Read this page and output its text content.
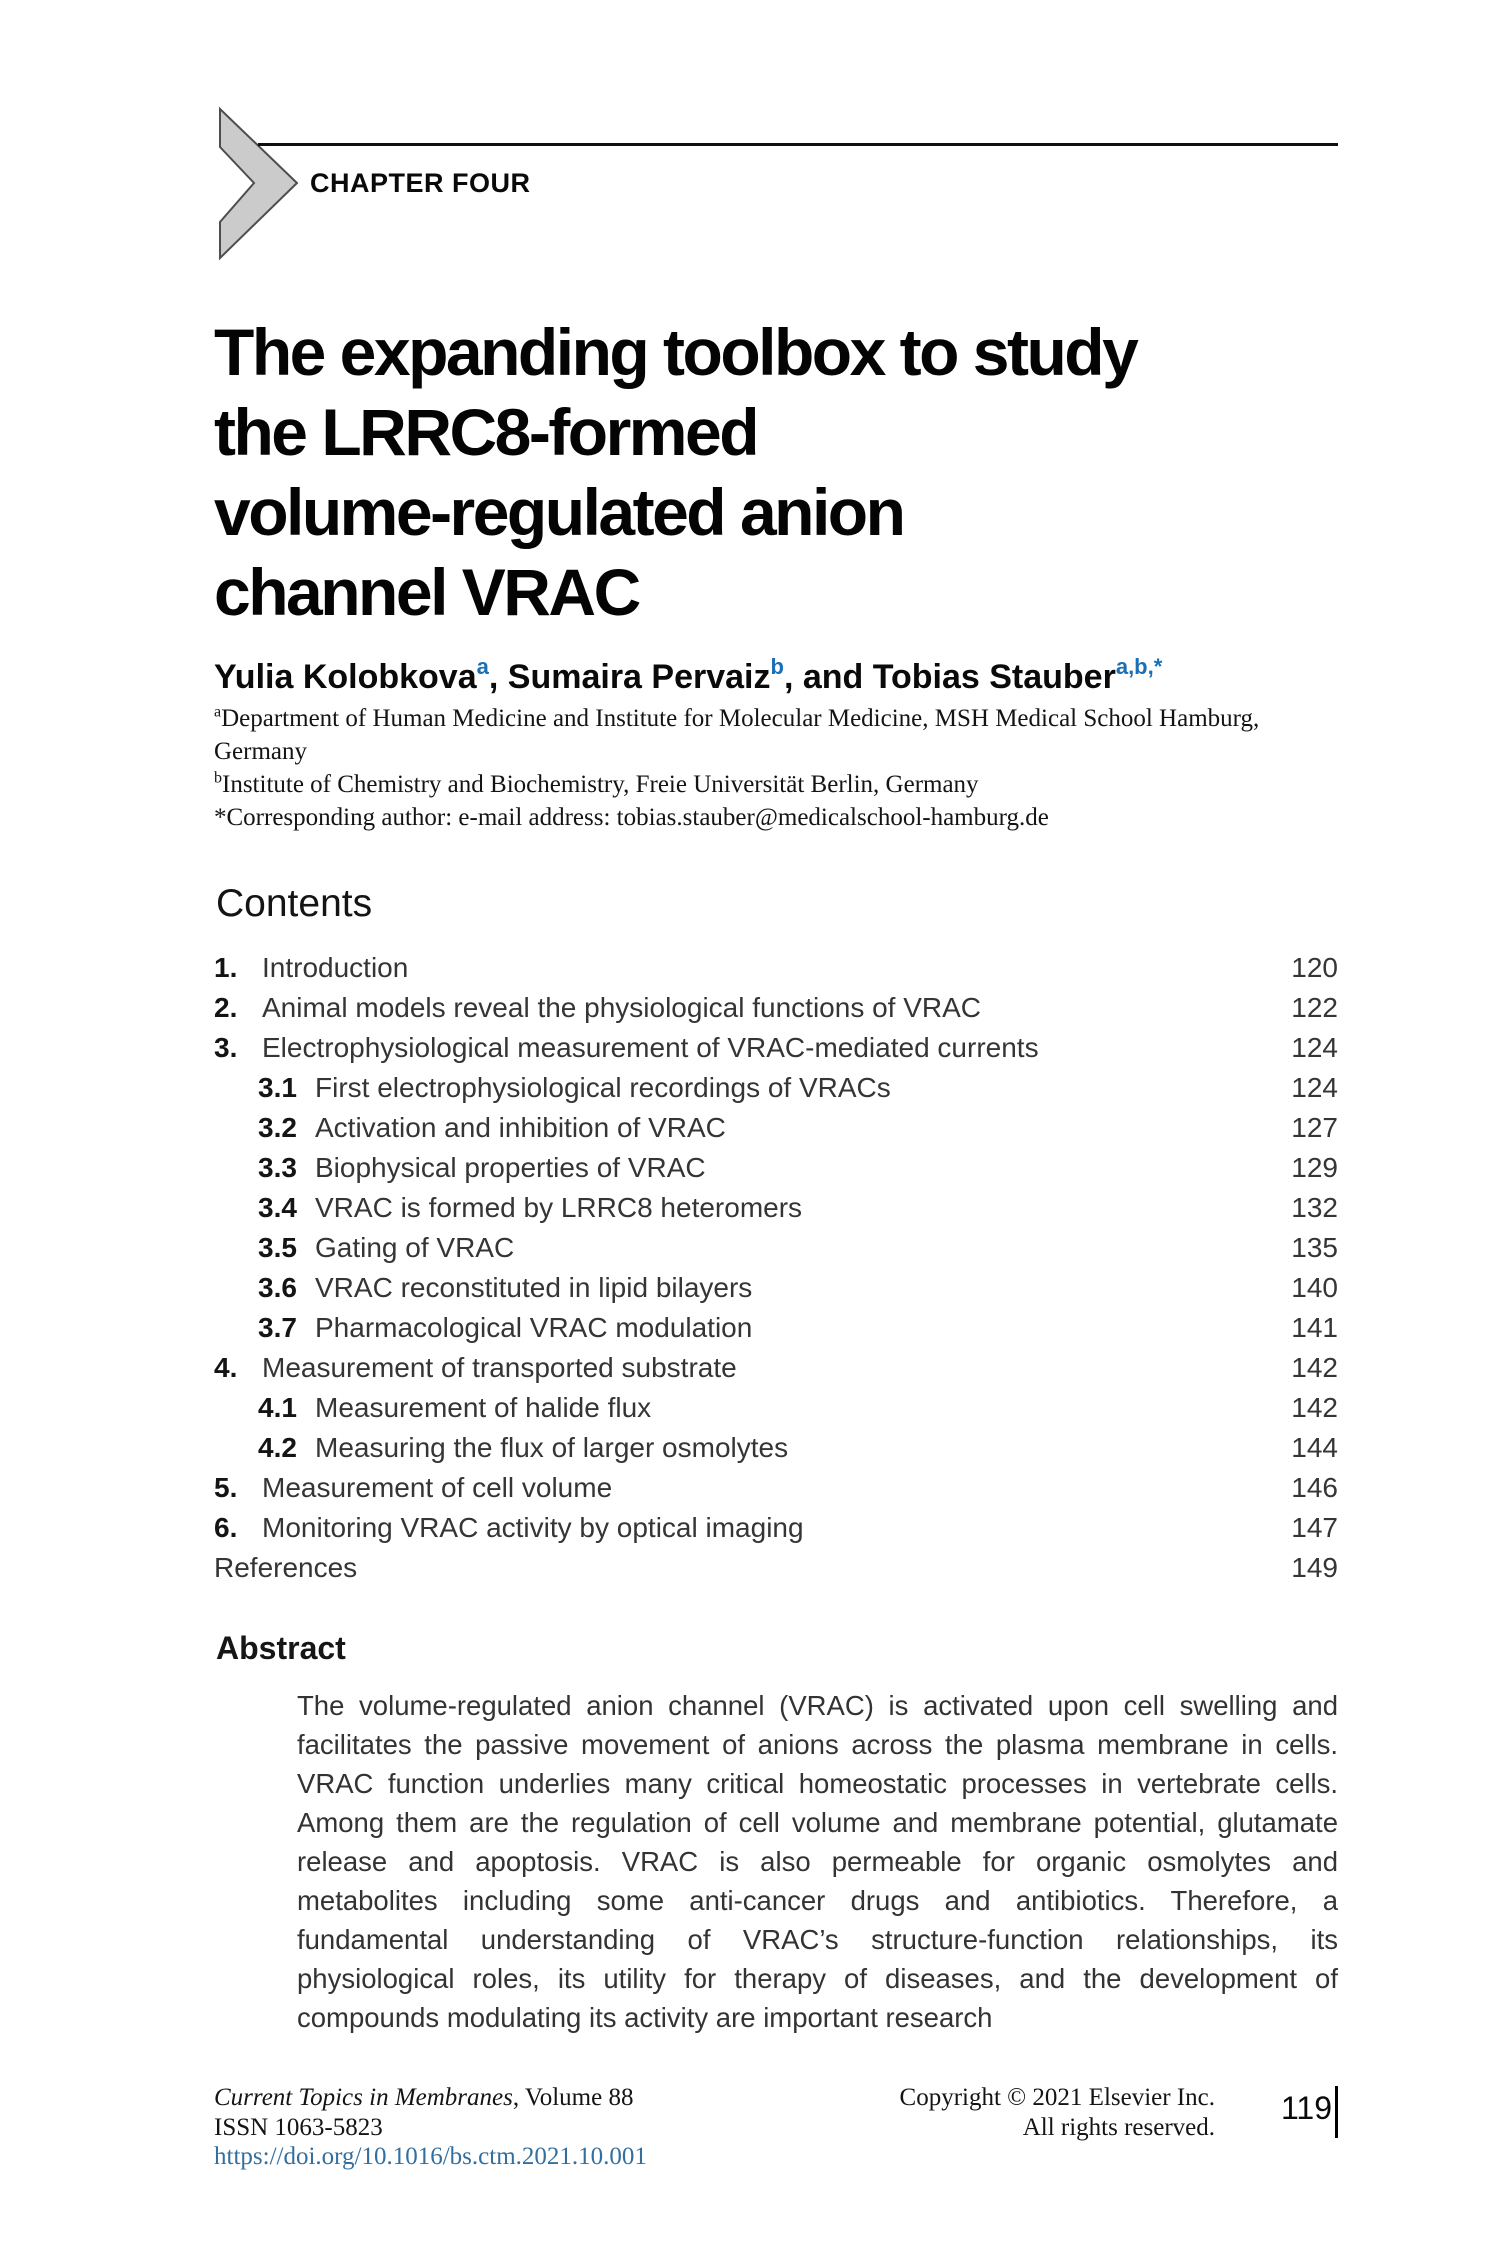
CHAPTER FOUR
The expanding toolbox to study
the LRRC8-formed
volume-regulated anion
channel VRAC
Yulia Kolobkova$^a$, Sumaira Pervaiz$^b$, and Tobias Stauber$^{a,b,*}$
$^a$Department of Human Medicine and Institute for Molecular Medicine, MSH Medical School Hamburg, Germany
$^b$Institute of Chemistry and Biochemistry, Freie Universität Berlin, Germany
*Corresponding author: e-mail address: tobias.stauber@medicalschool-hamburg.de
Contents
1. Introduction	120
2. Animal models reveal the physiological functions of VRAC	122
3. Electrophysiological measurement of VRAC-mediated currents	124
3.1 First electrophysiological recordings of VRACs	124
3.2 Activation and inhibition of VRAC	127
3.3 Biophysical properties of VRAC	129
3.4 VRAC is formed by LRRC8 heteromers	132
3.5 Gating of VRAC	135
3.6 VRAC reconstituted in lipid bilayers	140
3.7 Pharmacological VRAC modulation	141
4. Measurement of transported substrate	142
4.1 Measurement of halide flux	142
4.2 Measuring the flux of larger osmolytes	144
5. Measurement of cell volume	146
6. Monitoring VRAC activity by optical imaging	147
References	149
Abstract
The volume-regulated anion channel (VRAC) is activated upon cell swelling and facilitates the passive movement of anions across the plasma membrane in cells. VRAC function underlies many critical homeostatic processes in vertebrate cells. Among them are the regulation of cell volume and membrane potential, glutamate release and apoptosis. VRAC is also permeable for organic osmolytes and metabolites including some anti-cancer drugs and antibiotics. Therefore, a fundamental understanding of VRAC’s structure-function relationships, its physiological roles, its utility for therapy of diseases, and the development of compounds modulating its activity are important research
Current Topics in Membranes, Volume 88
ISSN 1063-5823
https://doi.org/10.1016/bs.ctm.2021.10.001
Copyright © 2021 Elsevier Inc.
All rights reserved.
119
